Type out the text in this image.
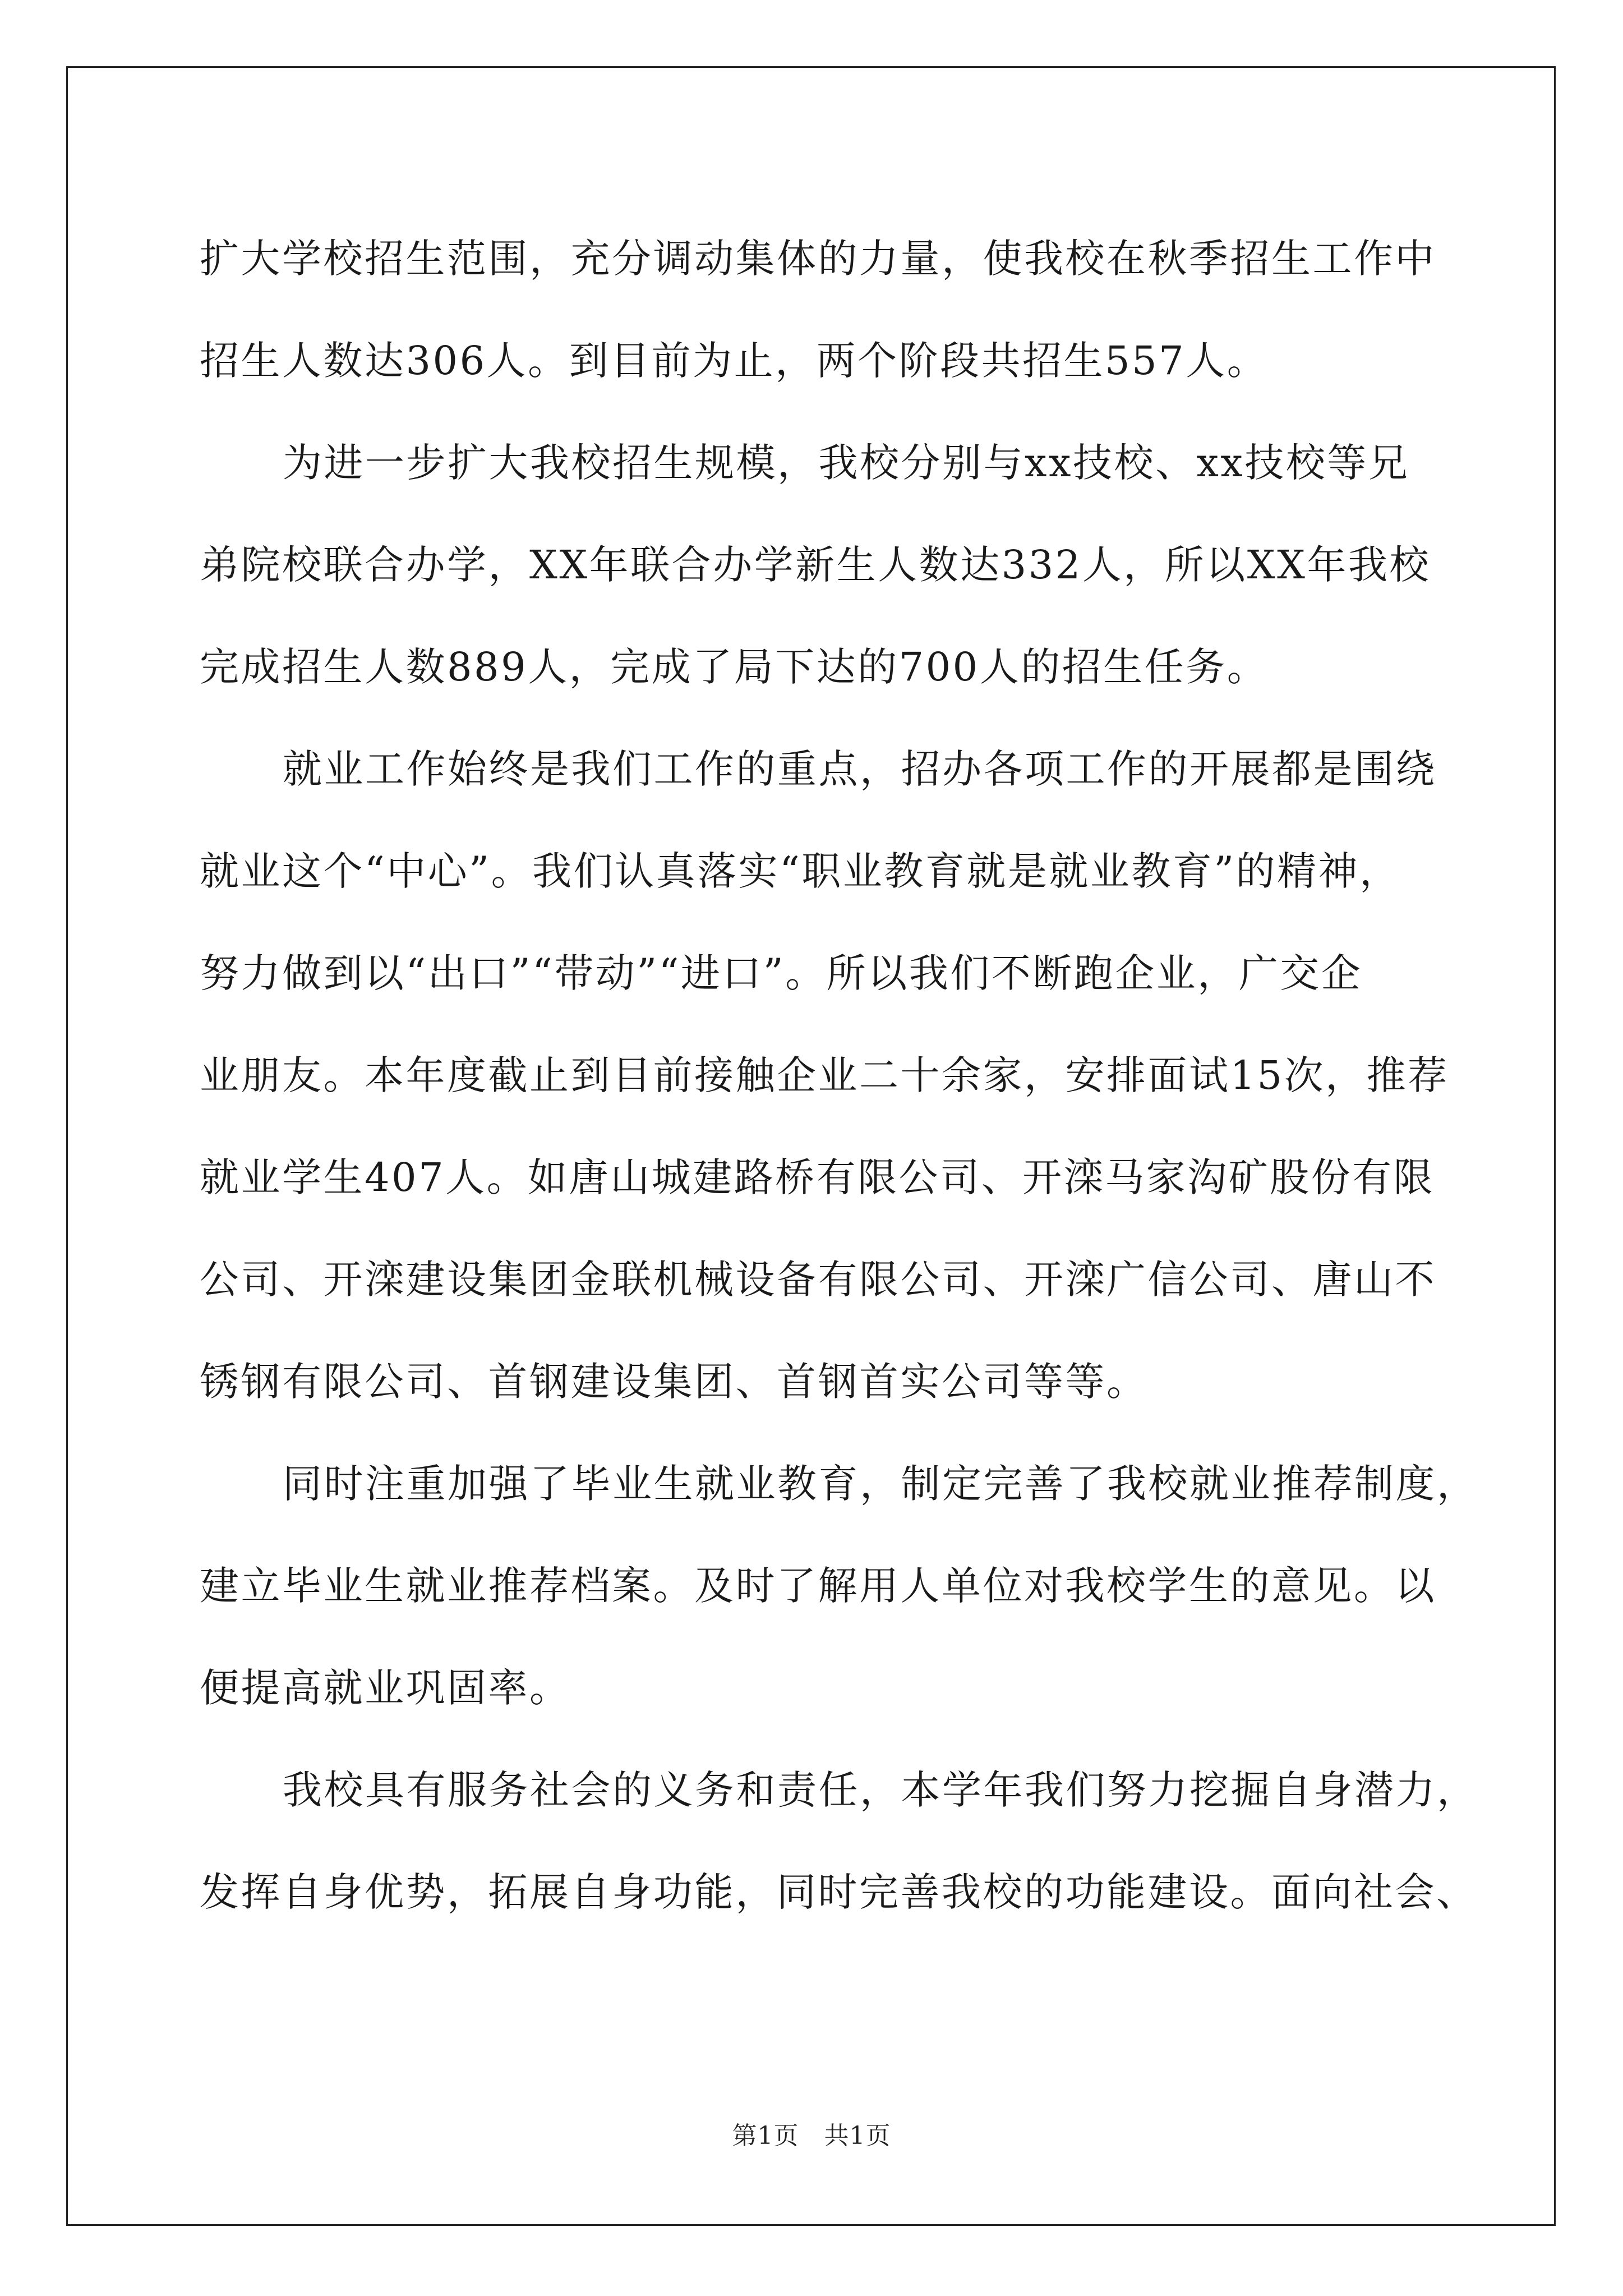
扩大学校招生范围，充分调动集体的力量，使我校在秋季招生工作中
招生人数达306人。到目前为止，两个阶段共招生557人。
为进一步扩大我校招生规模，我校分别与xx技校、xx技校等兄
弟院校联合办学，XX年联合办学新生人数达332人，所以XX年我校
完成招生人数889人，完成了局下达的700人的招生任务。
就业工作始终是我们工作的重点，招办各项工作的开展都是围绕
就业这个“中心”。我们认真落实“职业教育就是就业教育”的精神，
努力做到以“出口”“带动”“进口”。所以我们不断跑企业，广交企
业朋友。本年度截止到目前接触企业二十余家，安排面试15次，推荐
就业学生407人。如唐山城建路桥有限公司、开滦马家沟矿股份有限
公司、开滦建设集团金联机械设备有限公司、开滦广信公司、唐山不
锈钢有限公司、首钢建设集团、首钢首实公司等等。
同时注重加强了毕业生就业教育，制定完善了我校就业推荐制度，
建立毕业生就业推荐档案。及时了解用人单位对我校学生的意见。以
便提高就业巩固率。
我校具有服务社会的义务和责任，本学年我们努力挖掘自身潜力，
发挥自身优势，拓展自身功能，同时完善我校的功能建设。面向社会、
第1页　共1页
